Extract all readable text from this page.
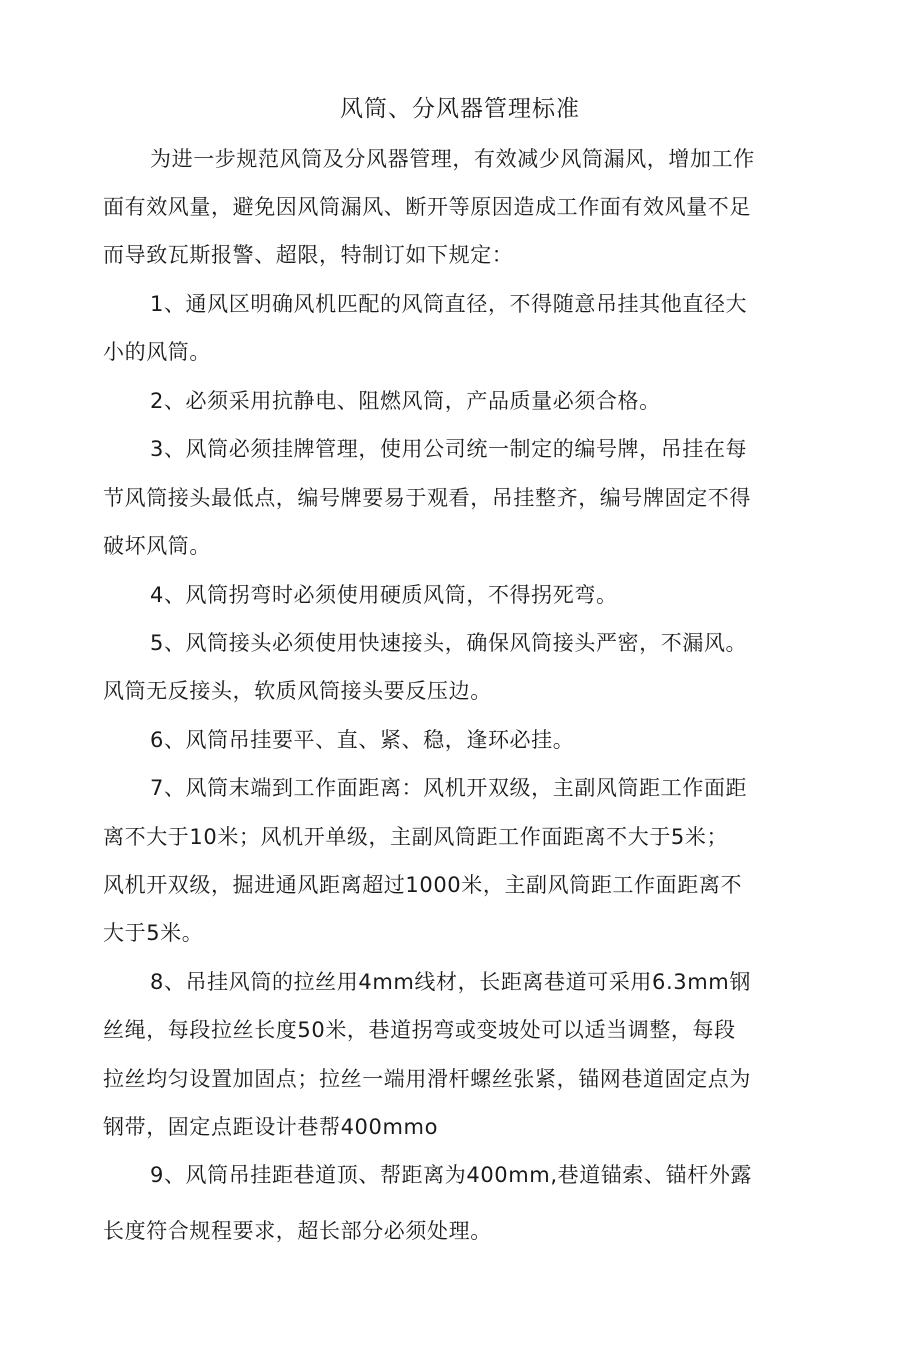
风筒、分风器管理标准
为进一步规范风筒及分风器管理，有效减少风筒漏风，增加工作
面有效风量，避免因风筒漏风、断开等原因造成工作面有效风量不足
而导致瓦斯报警、超限，特制订如下规定：
1、通风区明确风机匹配的风筒直径，不得随意吊挂其他直径大
小的风筒。
2、必须采用抗静电、阻燃风筒，产品质量必须合格。
3、风筒必须挂牌管理，使用公司统一制定的编号牌，吊挂在每
节风筒接头最低点，编号牌要易于观看，吊挂整齐，编号牌固定不得
破坏风筒。
4、风筒拐弯时必须使用硬质风筒，不得拐死弯。
5、风筒接头必须使用快速接头，确保风筒接头严密，不漏风。
风筒无反接头，软质风筒接头要反压边。
6、风筒吊挂要平、直、紧、稳，逢环必挂。
7、风筒末端到工作面距离：风机开双级，主副风筒距工作面距
离不大于10米；风机开单级，主副风筒距工作面距离不大于5米；
风机开双级，掘进通风距离超过1000米，主副风筒距工作面距离不
大于5米。
8、吊挂风筒的拉丝用4mm线材，长距离巷道可采用6.3mm钢
丝绳，每段拉丝长度50米，巷道拐弯或变坡处可以适当调整，每段
拉丝均匀设置加固点；拉丝一端用滑杆螺丝张紧，锚网巷道固定点为
钢带，固定点距设计巷帮400mmo
9、风筒吊挂距巷道顶、帮距离为400mm,巷道锚索、锚杆外露
长度符合规程要求，超长部分必须处理。
